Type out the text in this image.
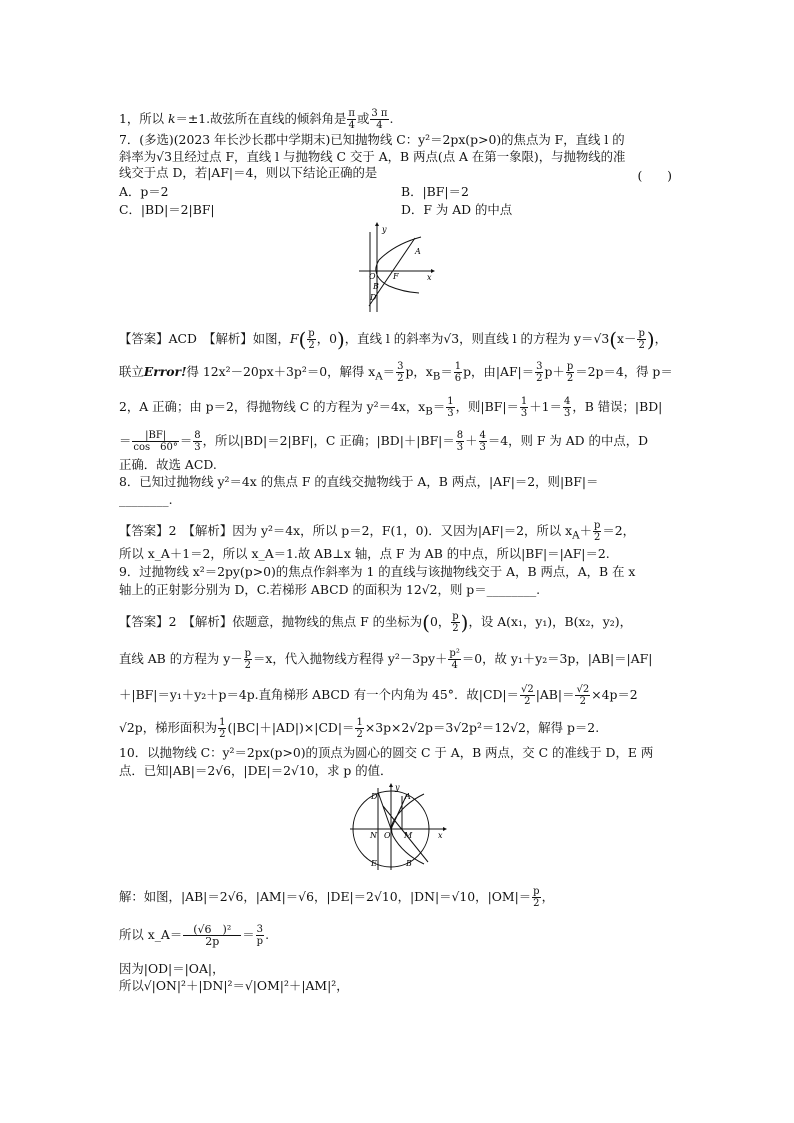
1，所以 k＝±1.故弦所在直线的倾斜角是 $\frac{\pi}{4}$ 或 $\frac{3 \pi}{4}$ .
7．(多选)(2023 年长沙长郡中学期末)已知抛物线 C：y²＝2px(p>0)的焦点为 F，直线 l 的
斜率为√3且经过点 F，直线 l 与抛物线 C 交于 A，B 两点(点 A 在第一象限)，与抛物线的准
线交于点 D，若|AF|＝4，则以下结论正确的是	(　　)
A．p＝2	B．|BF|＝2
C．|BD|＝2|BF|	D．F 为 AD 的中点
y
x
O F
A
B
D
【答案】ACD　 【解析】如图，$F( \frac{p}{2}$ ，0)，直线 l 的斜率为√3，则直线 l 的方程为 $y=√3(x- \frac{p}{2}$ )，
联立Error!得 12x²－20px＋3p²＝0，解得 $x_A= \frac{3}{2}$ p，$x_B= \frac{1}{6}$ p，由$|AF|= \frac{3}{2} p+ \frac{p}{2} =2p=4$，得 p＝
2，A 正确；由 p＝2，得抛物线 C 的方程为 y²＝4x，$x_B= \frac{1}{3}$ ，则$|BF|= \frac{1}{3} +1= \frac{4}{3}$ ，B 错误；|BD|
＝ $\frac{|BF|}{\cos 60^\circ} = \frac{8}{3}$ ，所以|BD|＝2|BF|，C 正确；$|BD|+|BF|= \frac{8}{3} + \frac{4}{3} =4$，则 F 为 AD 的中点，D
正确．故选 ACD.
8．已知过抛物线 y²＝4x 的焦点 F 的直线交抛物线于 A，B 两点，|AF|＝2，则|BF|＝
________.
【答案】2　 【解析】因为 y²＝4x，所以 p＝2，F(1，0)．又因为|AF|＝2，所以 $x_A+ \frac{p}{2} =2$，
所以 x_A＋1＝2，所以 x_A＝1.故 AB⊥x 轴，点 F 为 AB 的中点，所以|BF|＝|AF|＝2.
9．过抛物线 x²＝2py(p>0)的焦点作斜率为 1 的直线与该抛物线交于 A，B 两点，A，B 在 x
轴上的正射影分别为 D，C.若梯形 ABCD 的面积为 12√2，则 p＝________.
【答案】2　 【解析】依题意，抛物线的焦点 F 的坐标为(0， $\frac{p}{2}$ )，设 A(x₁，y₁)，B(x₂，y₂)，
直线 AB 的方程为 $y- \frac{p}{2} =x$，代入抛物线方程得 $y^2-3py+ \frac{\text{p²}}{4} =0$，故 y₁＋y₂＝3p，|AB|＝|AF|
＋|BF|＝y₁＋y₂＋p＝4p.直角梯形 ABCD 有一个内角为 45°．故$|CD|= \frac{√2}{2} |AB|= \frac{√2}{2} \times 4p=2$
√2p，梯形面积为 $\frac{1}{2} (|BC|+|AD|)\times|CD|= \frac{1}{2} \times 3p\times 2√2p=3√2p^2=12√2$，解得 p＝2.
10．以抛物线 C：y²＝2px(p>0)的顶点为圆心的圆交 C 于 A，B 两点，交 C 的准线于 D，E 两
点．已知|AB|＝2√6，|DE|＝2√10，求 p 的值．
y
x
D	A
N O M
E	B
解：如图，|AB|＝2√6，|AM|＝√6，|DE|＝2√10，|DN|＝√10，$|OM|= \frac{p}{2}$ ，
所以 x_A＝ $\frac{\text{(√6　)²}}{2p} = \frac{3}{p}$ .
因为|OD|＝|OA|，
所以√|ON|²＋|DN|²＝√|OM|²＋|AM|²，
